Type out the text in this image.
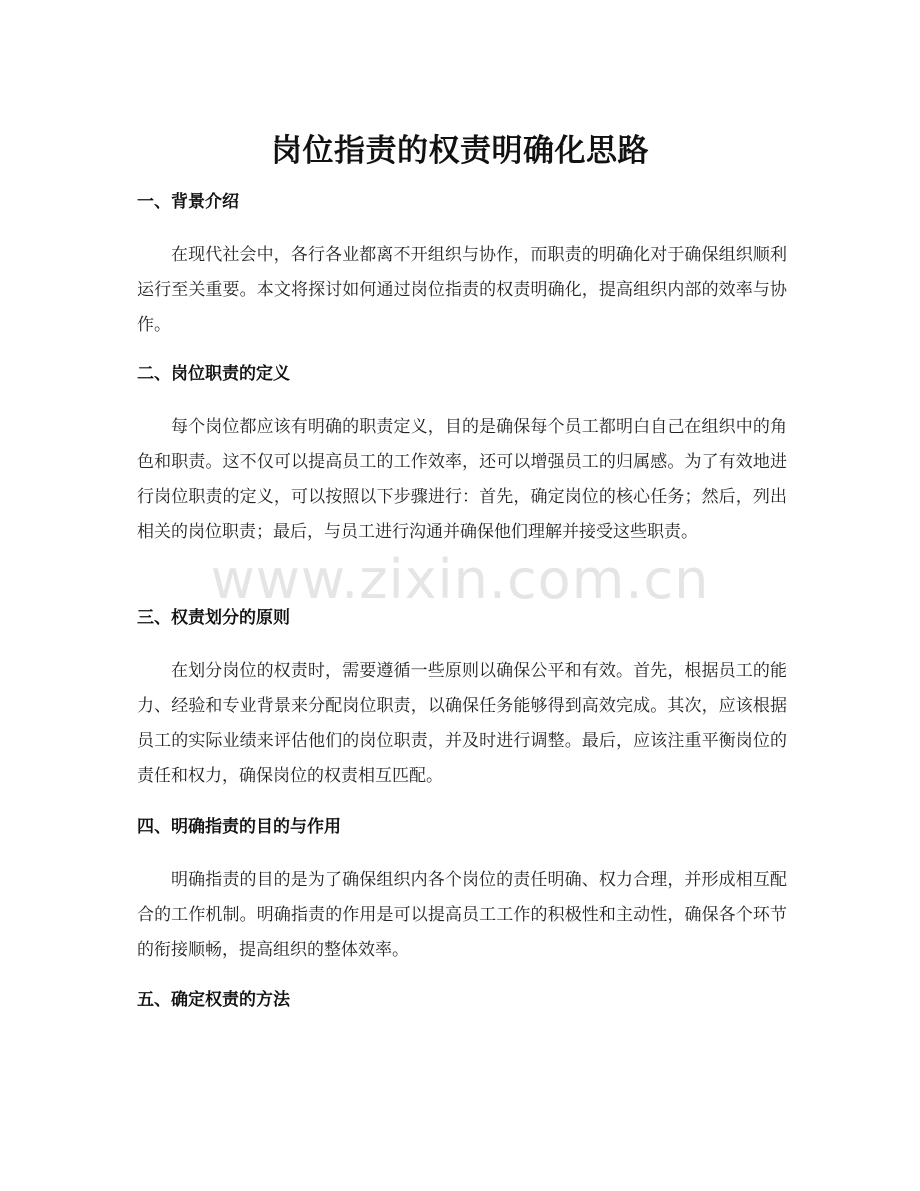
岗位指责的权责明确化思路
一、背景介绍

在现代社会中，各行各业都离不开组织与协作，而职责的明确化对于确保组织顺利运行至关重要。本文将探讨如何通过岗位指责的权责明确化，提高组织内部的效率与协作。

二、岗位职责的定义

每个岗位都应该有明确的职责定义，目的是确保每个员工都明白自己在组织中的角色和职责。这不仅可以提高员工的工作效率，还可以增强员工的归属感。为了有效地进行岗位职责的定义，可以按照以下步骤进行：首先，确定岗位的核心任务；然后，列出相关的岗位职责；最后，与员工进行沟通并确保他们理解并接受这些职责。

三、权责划分的原则

在划分岗位的权责时，需要遵循一些原则以确保公平和有效。首先，根据员工的能力、经验和专业背景来分配岗位职责，以确保任务能够得到高效完成。其次，应该根据员工的实际业绩来评估他们的岗位职责，并及时进行调整。最后，应该注重平衡岗位的责任和权力，确保岗位的权责相互匹配。

四、明确指责的目的与作用

明确指责的目的是为了确保组织内各个岗位的责任明确、权力合理，并形成相互配合的工作机制。明确指责的作用是可以提高员工工作的积极性和主动性，确保各个环节的衔接顺畅，提高组织的整体效率。

五、确定权责的方法
www.zixin.com.cn
